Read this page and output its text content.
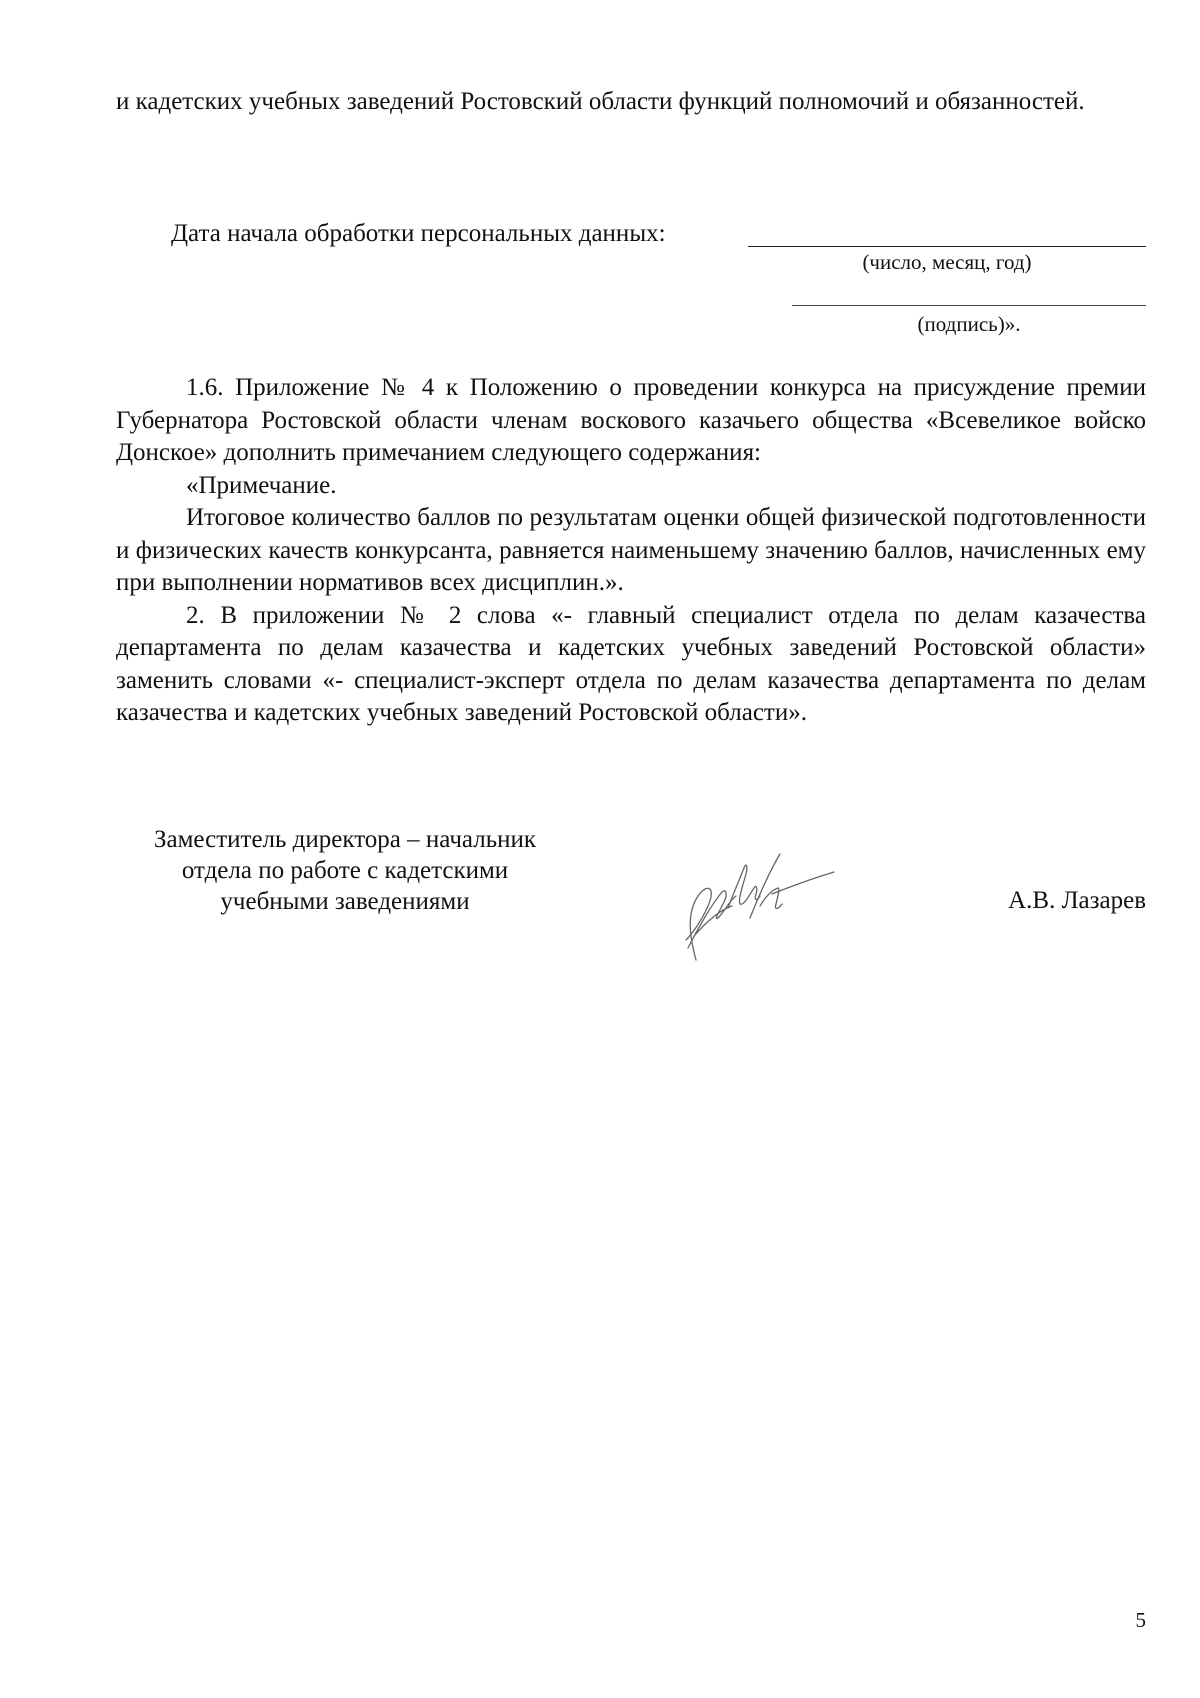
и кадетских учебных заведений Ростовский области функций полномочий и обязанностей.

Дата начала обработки персональных данных:
(число, месяц, год)
(подпись)».

1.6. Приложение № 4 к Положению о проведении конкурса на присуждение премии Губернатора Ростовской области членам воскового казачьего общества «Всевеликое войско Донское» дополнить примечанием следующего содержания:

«Примечание.

Итоговое количество баллов по результатам оценки общей физической подготовленности и физических качеств конкурсанта, равняется наименьшему значению баллов, начисленных ему при выполнении нормативов всех дисциплин.».

2. В приложении № 2 слова «- главный специалист отдела по делам казачества департамента по делам казачества и кадетских учебных заведений Ростовской области» заменить словами «- специалист-эксперт отдела по делам казачества департамента по делам казачества и кадетских учебных заведений Ростовской области».

Заместитель директора – начальник
отдела по работе с кадетскими
учебными заведениями	А.В. Лазарев
5
